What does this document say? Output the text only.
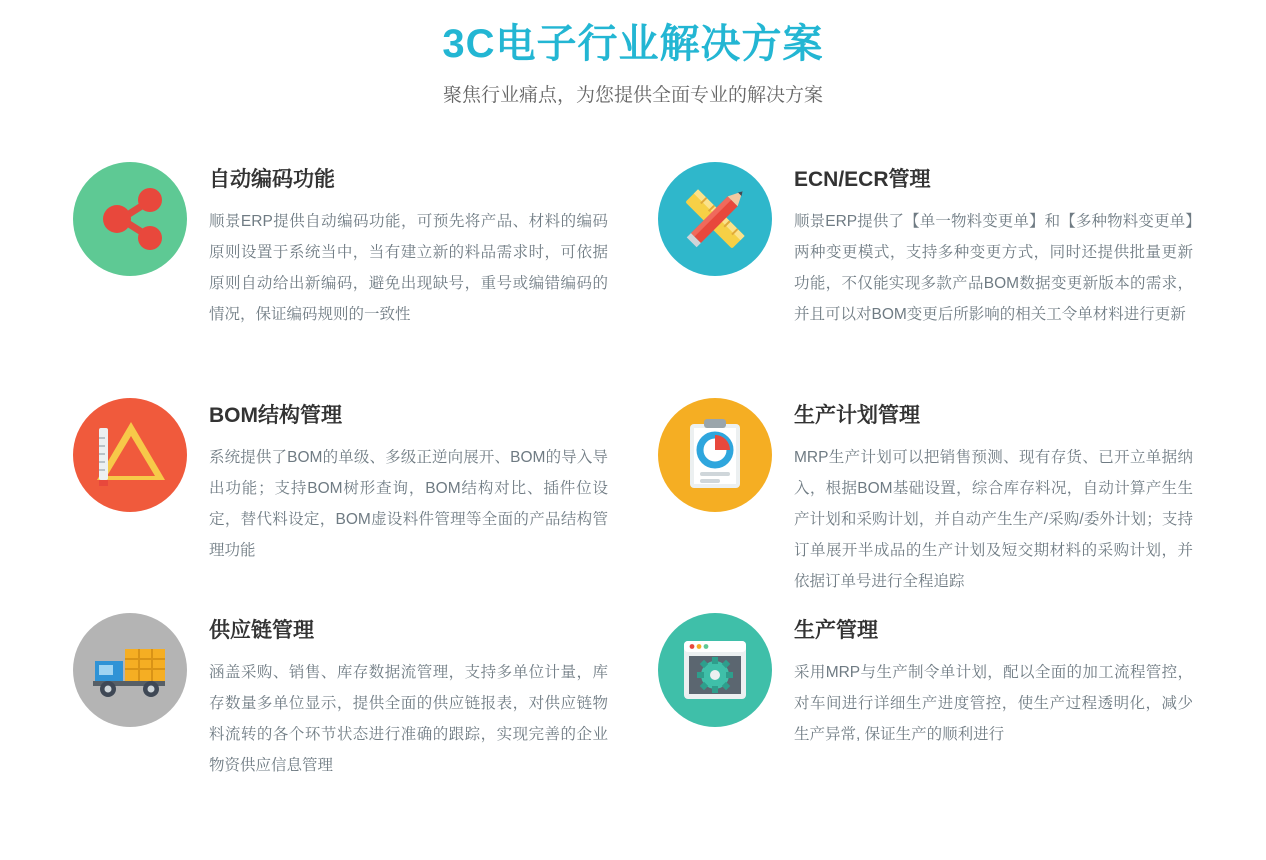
3C电子行业解决方案

聚焦行业痛点，为您提供全面专业的解决方案

自动编码功能

顺景ERP提供自动编码功能，可预先将产品、材料的编码原则设置于系统当中，当有建立新的料品需求时，可依据原则自动给出新编码，避免出现缺号，重号或编错编码的情况，保证编码规则的一致性

ECN/ECR管理

顺景ERP提供了【单一物料变更单】和【多种物料变更单】两种变更模式，支持多种变更方式，同时还提供批量更新功能，不仅能实现多款产品BOM数据变更新版本的需求，并且可以对BOM变更后所影响的相关工令单材料进行更新

BOM结构管理

系统提供了BOM的单级、多级正逆向展开、BOM的导入导出功能；支持BOM树形查询，BOM结构对比、插件位设定，替代料设定，BOM虚设料件管理等全面的产品结构管理功能

生产计划管理

MRP生产计划可以把销售预测、现有存货、已开立单据纳入，根据BOM基础设置，综合库存料况，自动计算产生生产计划和采购计划，并自动产生生产/采购/委外计划；支持订单展开半成品的生产计划及短交期材料的采购计划，并依据订单号进行全程追踪

供应链管理

涵盖采购、销售、库存数据流管理，支持多单位计量，库存数量多单位显示，提供全面的供应链报表，对供应链物料流转的各个环节状态进行准确的跟踪，实现完善的企业物资供应信息管理

生产管理

采用MRP与生产制令单计划，配以全面的加工流程管控，对车间进行详细生产进度管控，使生产过程透明化，减少生产异常, 保证生产的顺利进行
